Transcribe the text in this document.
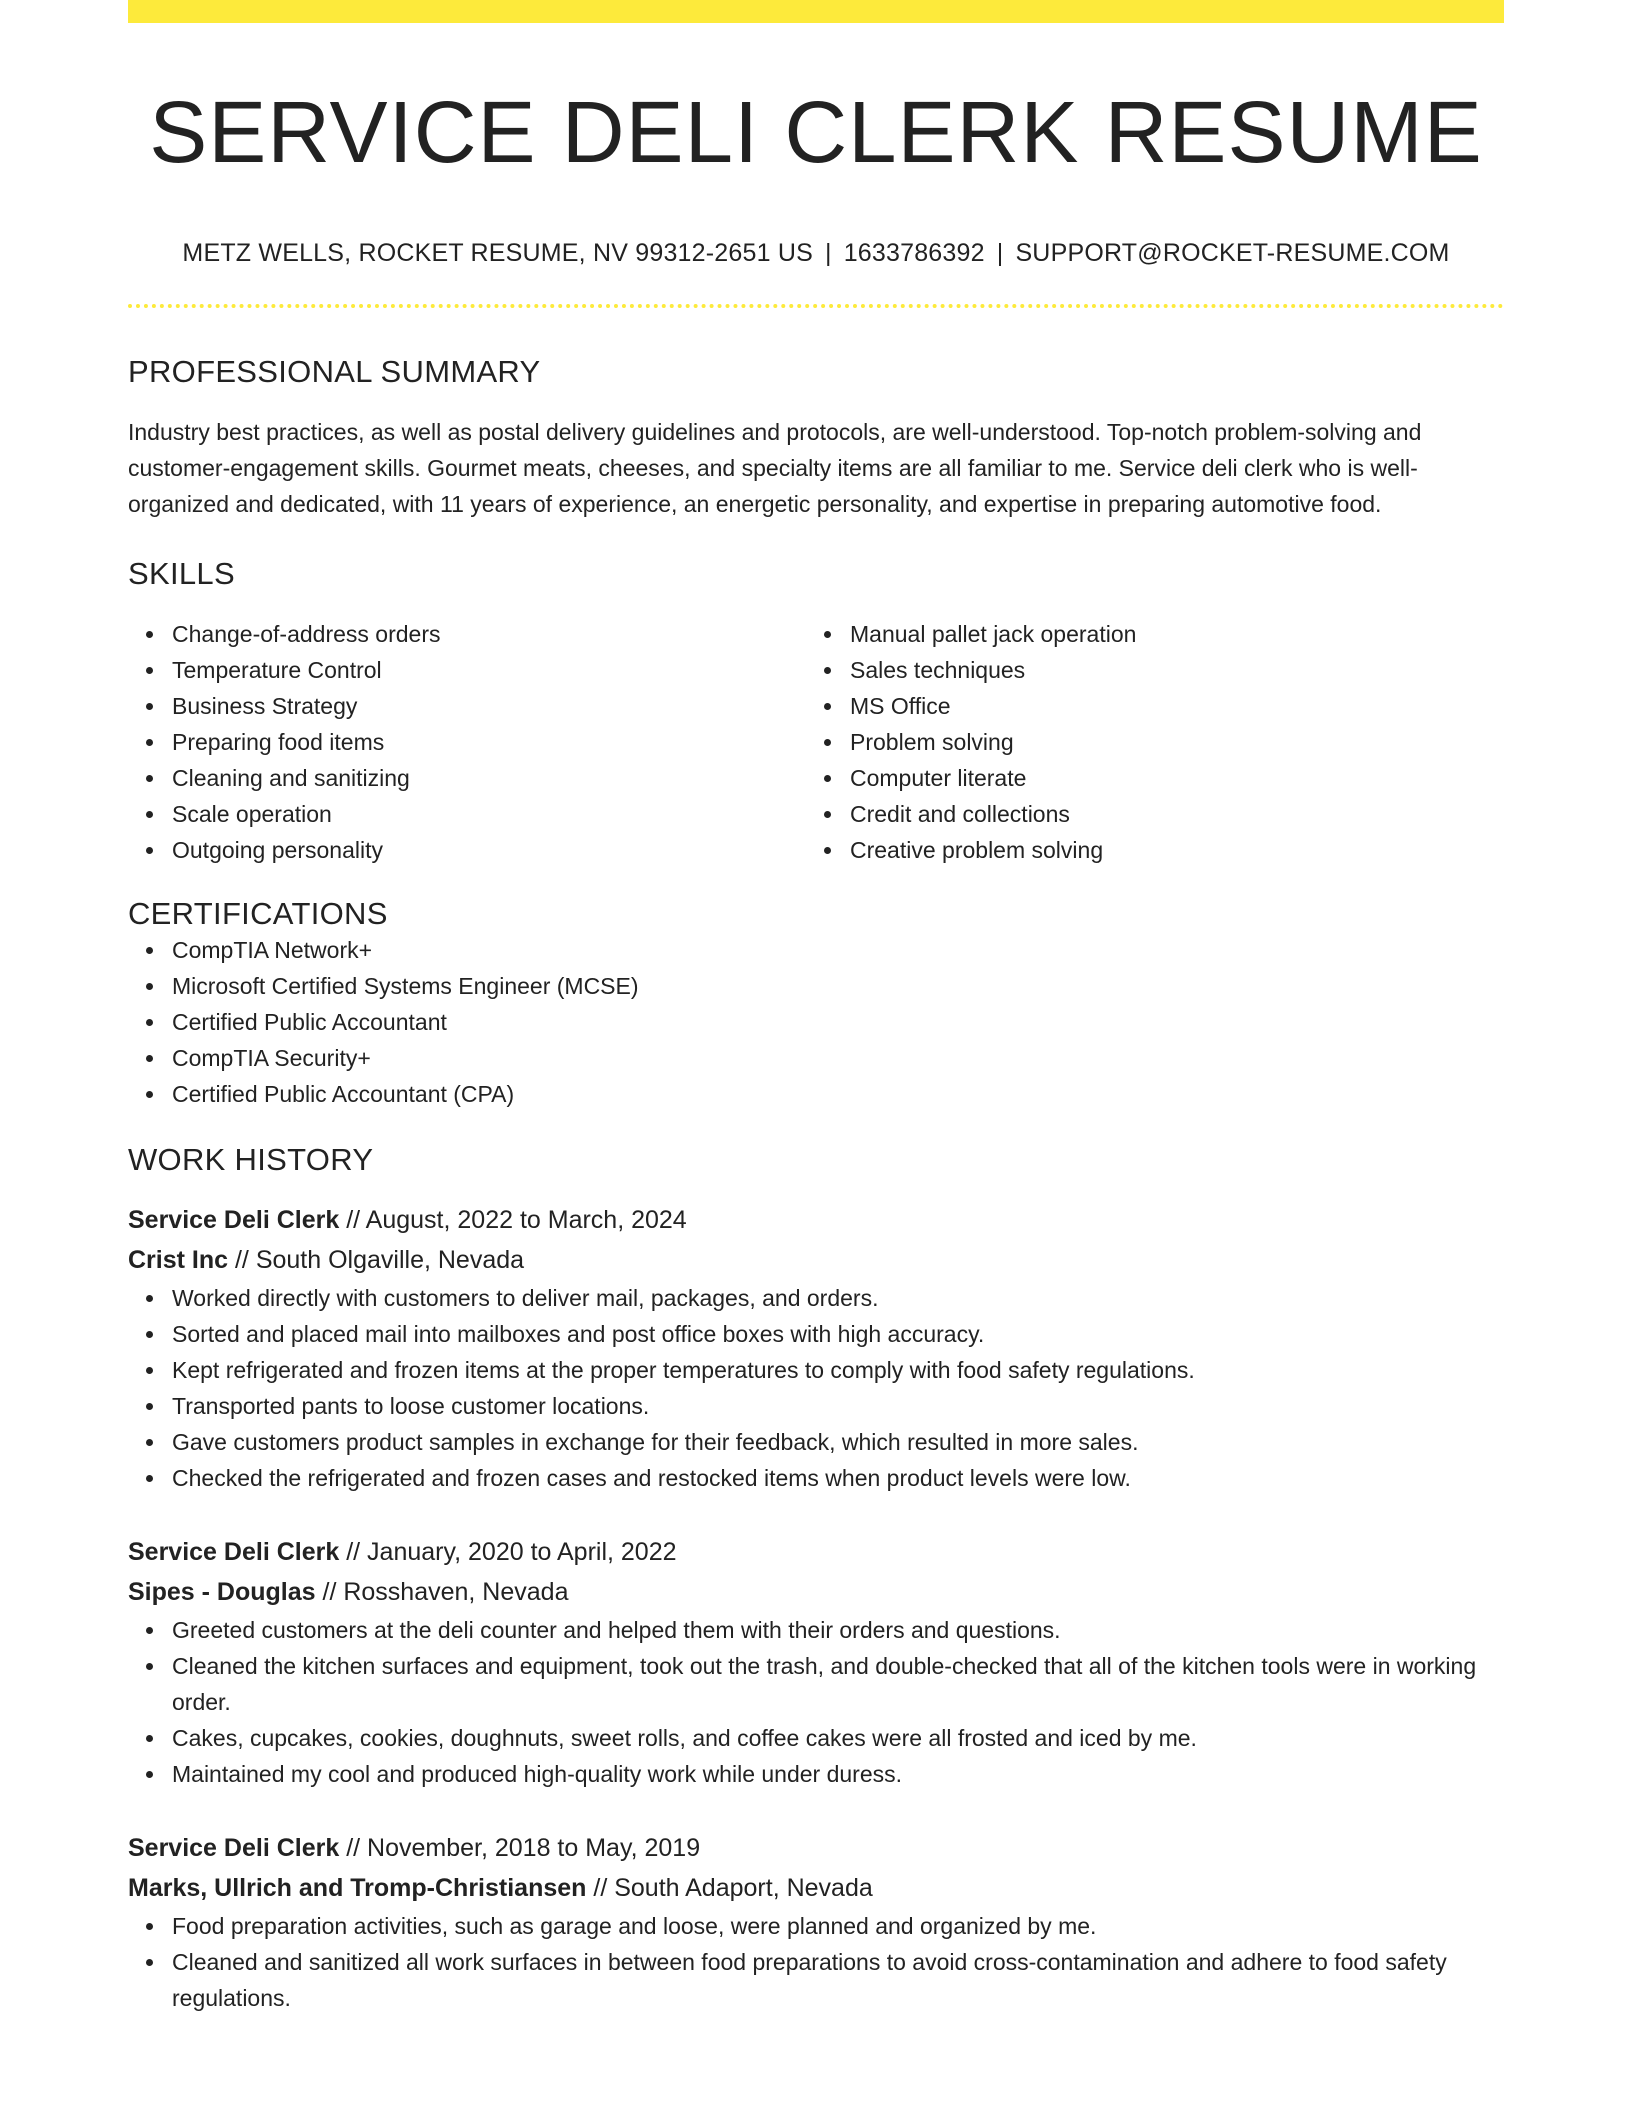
SERVICE DELI CLERK RESUME
METZ WELLS, ROCKET RESUME, NV 99312-2651 US | 1633786392 | SUPPORT@ROCKET-RESUME.COM
PROFESSIONAL SUMMARY
Industry best practices, as well as postal delivery guidelines and protocols, are well-understood. Top-notch problem-solving and customer-engagement skills. Gourmet meats, cheeses, and specialty items are all familiar to me. Service deli clerk who is well-organized and dedicated, with 11 years of experience, an energetic personality, and expertise in preparing automotive food.
SKILLS
Change-of-address orders
Temperature Control
Business Strategy
Preparing food items
Cleaning and sanitizing
Scale operation
Outgoing personality
Manual pallet jack operation
Sales techniques
MS Office
Problem solving
Computer literate
Credit and collections
Creative problem solving
CERTIFICATIONS
CompTIA Network+
Microsoft Certified Systems Engineer (MCSE)
Certified Public Accountant
CompTIA Security+
Certified Public Accountant (CPA)
WORK HISTORY
Service Deli Clerk // August, 2022 to March, 2024
Crist Inc // South Olgaville, Nevada
Worked directly with customers to deliver mail, packages, and orders.
Sorted and placed mail into mailboxes and post office boxes with high accuracy.
Kept refrigerated and frozen items at the proper temperatures to comply with food safety regulations.
Transported pants to loose customer locations.
Gave customers product samples in exchange for their feedback, which resulted in more sales.
Checked the refrigerated and frozen cases and restocked items when product levels were low.
Service Deli Clerk // January, 2020 to April, 2022
Sipes - Douglas // Rosshaven, Nevada
Greeted customers at the deli counter and helped them with their orders and questions.
Cleaned the kitchen surfaces and equipment, took out the trash, and double-checked that all of the kitchen tools were in working order.
Cakes, cupcakes, cookies, doughnuts, sweet rolls, and coffee cakes were all frosted and iced by me.
Maintained my cool and produced high-quality work while under duress.
Service Deli Clerk // November, 2018 to May, 2019
Marks, Ullrich and Tromp-Christiansen // South Adaport, Nevada
Food preparation activities, such as garage and loose, were planned and organized by me.
Cleaned and sanitized all work surfaces in between food preparations to avoid cross-contamination and adhere to food safety regulations.
